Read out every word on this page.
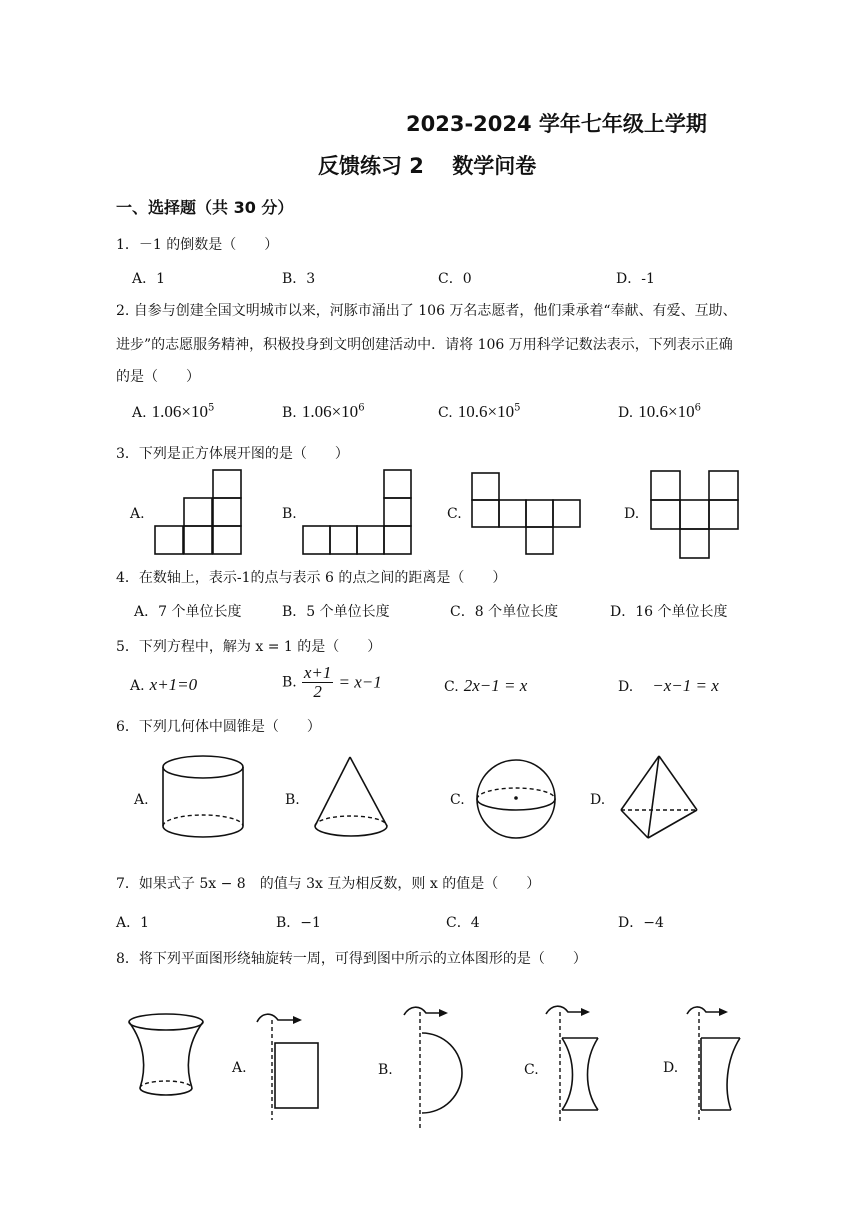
2023-2024 学年七年级上学期
反馈练习 2　 数学问卷
一、选择题（共 30 分）
1．－1 的倒数是（　　）
A．1	B．3	C．0	D．-1
2. 自参与创建全国文明城市以来，河豚市涌出了 106 万名志愿者，他们秉承着“奉献、有爱、互助、
进步”的志愿服务精神，积极投身到文明创建活动中．请将 106 万用科学记数法表示，下列表示正确
的是（　　）
A. $1.06\times 10^5$	B. $1.06\times 10^6$	C. $10.6\times 10^5$	D. $10.6\times 10^6$
3．下列是正方体展开图的是（　　）
A.	B.	C.	D.
4．在数轴上，表示-1的点与表示 6 的点之间的距离是（　　）
A．7 个单位长度	B．5 个单位长度	C．8 个单位长度	D．16 个单位长度
5．下列方程中，解为 x = 1 的是（　　）
A. x+1=0	B. $\frac{x+1}{2} = x-1$	C. 2x−1 = x	D. −x−1 = x
6．下列几何体中圆锥是（　　）
A.	B.	C.	D.
7．如果式子 5x − 8　的值与 3x 互为相反数，则 x 的值是（　　）
A．1	B．−1	C．4	D．−4
8．将下列平面图形绕轴旋转一周，可得到图中所示的立体图形的是（　　）
A.	B.	C.	D.
